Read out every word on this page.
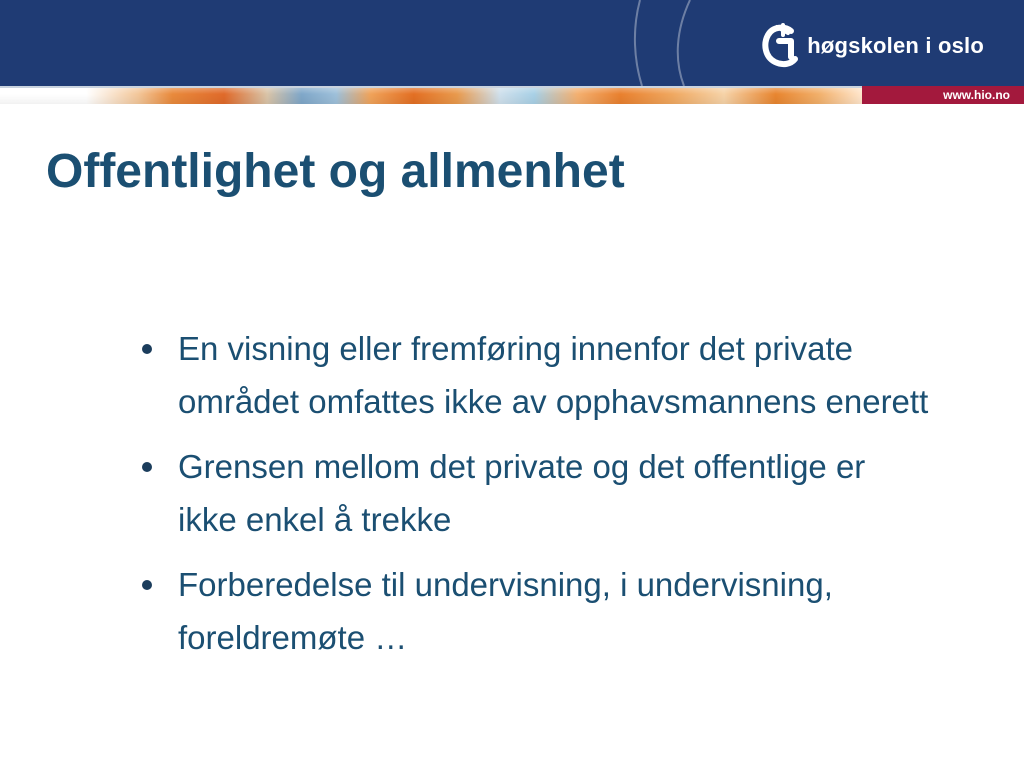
høgskolen i oslo
www.hio.no
Offentlighet og allmenhet
En visning eller fremføring innenfor det private området omfattes ikke av opphavsmannens enerett
Grensen mellom det private og det offentlige er ikke enkel å trekke
Forberedelse til undervisning, i undervisning, foreldremøte …
